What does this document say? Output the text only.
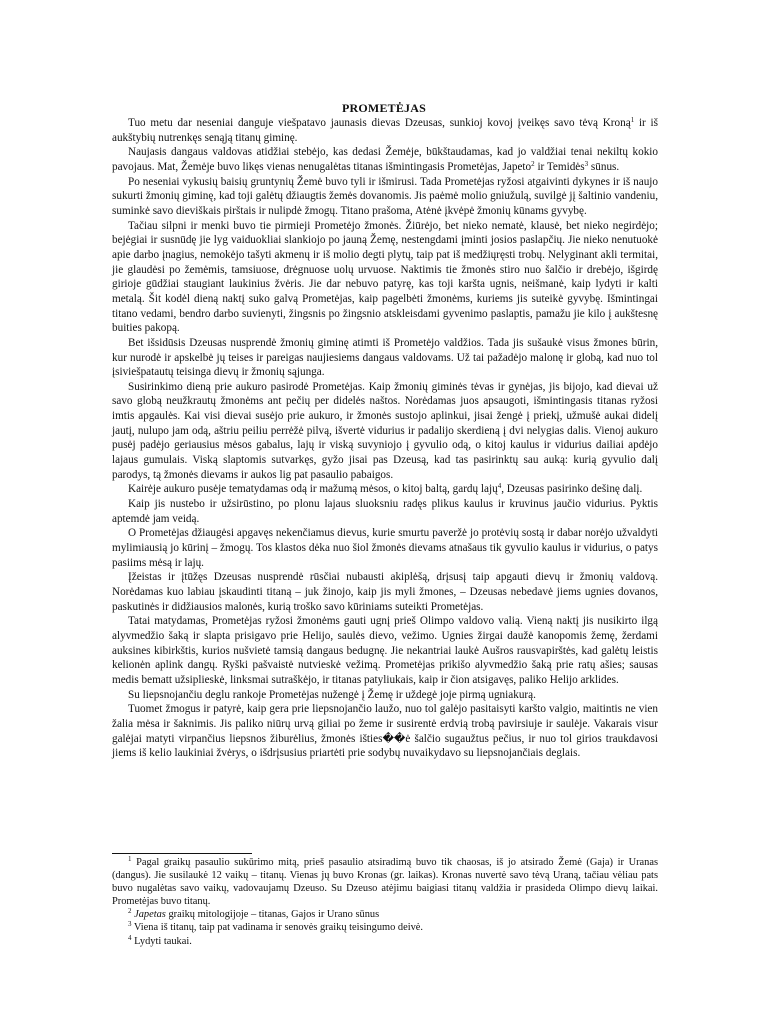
PROMETĖJAS

Tuo metu dar neseniai danguje viešpatavo jaunasis dievas Dzeusas, sunkioj kovoj įveikęs savo tėvą Kroną$^1$ ir iš aukštybių nutrenkęs senąją titanų giminę.

Naujasis dangaus valdovas atidžiai stebėjo, kas dedasi Žemėje, būkštaudamas, kad jo valdžiai tenai nekiltų kokio pavojaus. Mat, Žemėje buvo likęs vienas nenugalėtas titanas išmintingasis Prometėjas, Japeto$^2$ ir Temidės$^3$ sūnus.

Po neseniai vykusių baisių gruntynių Žemė buvo tyli ir išmirusi. Tada Prometėjas ryžosi atgaivinti dykynes ir iš naujo sukurti žmonių giminę, kad toji galėtų džiaugtis žemės dovanomis. Jis paėmė molio gniužulą, suvilgė jį šaltinio vandeniu, suminkė savo dieviškais pirštais ir nulipdė žmogų. Titano prašoma, Atėnė įkvėpė žmonių kūnams gyvybę.

Tačiau silpni ir menki buvo tie pirmieji Prometėjo žmonės. Žiūrėjo, bet nieko nematė, klausė, bet nieko negirdėjo; bejėgiai ir susnūdę jie lyg vaiduokliai slankiojo po jauną Žemę, nestengdami įminti josios paslapčių. Jie nieko nenutuokė apie darbo įnagius, nemokėjo tašyti akmenų ir iš molio degti plytų, taip pat iš medžiųręsti trobų. Nelyginant akli termitai, jie glaudėsi po žemėmis, tamsiuose, drėgnuose uolų urvuose. Naktimis tie žmonės stiro nuo šalčio ir drebėjo, išgirdę girioje gūdžiai staugiant laukinius žvėris. Jie dar nebuvo patyrę, kas toji karšta ugnis, neišmanė, kaip lydyti ir kalti metalą. Šit kodėl dieną naktį suko galvą Prometėjas, kaip pagelbėti žmonėms, kuriems jis suteikė gyvybę. Išmintingai titano vedami, bendro darbo suvienyti, žingsnis po žingsnio atskleisdami gyvenimo paslaptis, pamažu jie kilo į aukštesnę buities pakopą.

Bet išsidūsis Dzeusas nusprendė žmonių giminę atimti iš Prometėjo valdžios. Tada jis sušaukė visus žmones būrin, kur nurodė ir apskelbė jų teises ir pareigas naujiesiems dangaus valdovams. Už tai pažadėjo malonę ir globą, kad nuo tol įsiviešpatautų teisinga dievų ir žmonių sąjunga.

Susirinkimo dieną prie aukuro pasirodė Prometėjas. Kaip žmonių giminės tėvas ir gynėjas, jis bijojo, kad dievai už savo globą neužkrautų žmonėms ant pečių per didelės naštos. Norėdamas juos apsaugoti, išmintingasis titanas ryžosi imtis apgaulės. Kai visi dievai susėjo prie aukuro, ir žmonės sustojo aplinkui, jisai žengė į priekį, užmušė aukai didelį jautį, nulupo jam odą, aštriu peiliu perrėžė pilvą, išvertė vidurius ir padalijo skerdieną į dvi nelygias dalis. Vienoj aukuro pusėj padėjo geriausius mėsos gabalus, lajų ir viską suvyniojo į gyvulio odą, o kitoj kaulus ir vidurius dailiai apdėjo lajaus gumulais. Viską slaptomis sutvarkęs, gyžo jisai pas Dzeusą, kad tas pasirinktų sau auką: kurią gyvulio dalį parodys, tą žmonės dievams ir aukos lig pat pasaulio pabaigos.

Kairėje aukuro pusėje tematydamas odą ir mažumą mėsos, o kitoj baltą, gardų lajų$^4$, Dzeusas pasirinko dešinę dalį.

Kaip jis nustebo ir užsirūstino, po plonu lajaus sluoksniu radęs plikus kaulus ir kruvinus jaučio vidurius. Pyktis aptemdė jam veidą.

O Prometėjas džiaugėsi apgavęs nekenčiamus dievus, kurie smurtu paveržė jo protėvių sostą ir dabar norėjo užvaldyti mylimiausią jo kūrinį – žmogų. Tos klastos dėka nuo šiol žmonės dievams atnašaus tik gyvulio kaulus ir vidurius, o patys pasiims mėsą ir lajų.

Įžeistas ir įtūžęs Dzeusas nusprendė rūsčiai nubausti akiplėšą, drįsusį taip apgauti dievų ir žmonių valdovą. Norėdamas kuo labiau įskaudinti titaną – juk žinojo, kaip jis myli žmones, – Dzeusas nebedavė jiems ugnies dovanos, paskutinės ir didžiausios malonės, kurią troško savo kūriniams suteikti Prometėjas.

Tatai matydamas, Prometėjas ryžosi žmonėms gauti ugnį prieš Olimpo valdovo valią. Vieną naktį jis nusikirto ilgą alyvmedžio šaką ir slapta prisigavo prie Helijo, saulės dievo, vežimo. Ugnies žirgai daužė kanopomis žemę, žerdami auksines kibirkštis, kurios nušvietė tamsią dangaus bedugnę. Jie nekantriai laukė Aušros rausvapirštės, kad galėtų leistis kelionėn aplink dangų. Ryški pašvaistė nutvieskė vežimą. Prometėjas prikišo alyvmedžio šaką prie ratų ašies; sausas medis bematt užsiplieskė, linksmai sutraškėjo, ir titanas patyliukais, kaip ir čion atsigavęs, paliko Helijo arklides.

Su liepsnojančiu deglu rankoje Prometėjas nužengė į Žemę ir uždegė joje pirmą ugniakurą.

Tuomet žmogus ir patyrė, kaip gera prie liepsnojančio laužo, nuo tol galėjo pasitaisyti karšto valgio, maitintis ne vien žalia mėsa ir šaknimis. Jis paliko niūrų urvą giliai po žeme ir susirentė erdvią trobą pavirsiuje ir saulėje. Vakarais visur galėjai matyti virpančius liepsnos žiburėlius, žmonės išties��ė šalčio sugaužtus pečius, ir nuo tol girios traukdavosi jiems iš kelio laukiniai žvėrys, o išdrįsusius priartėti prie sodybų nuvaikydavo su liepsnojančiais deglais.

$^1$ Pagal graikų pasaulio sukūrimo mitą, prieš pasaulio atsiradimą buvo tik chaosas, iš jo atsirado Žemė (Gaja) ir Uranas (dangus). Jie susilaukė 12 vaikų – titanų. Vienas jų buvo Kronas (gr. laikas). Kronas nuvertė savo tėvą Uraną, tačiau vėliau pats buvo nugalėtas savo vaikų, vadovaujamų Dzeuso. Su Dzeuso atėjimu baigiasi titanų valdžia ir prasideda Olimpo dievų laikai. Prometėjas buvo titanų.

$^2$ Japetas graikų mitologijoje – titanas, Gajos ir Urano sūnus

$^3$ Viena iš titanų, taip pat vadinama ir senovės graikų teisingumo deivė.

$^4$ Lydyti taukai.
